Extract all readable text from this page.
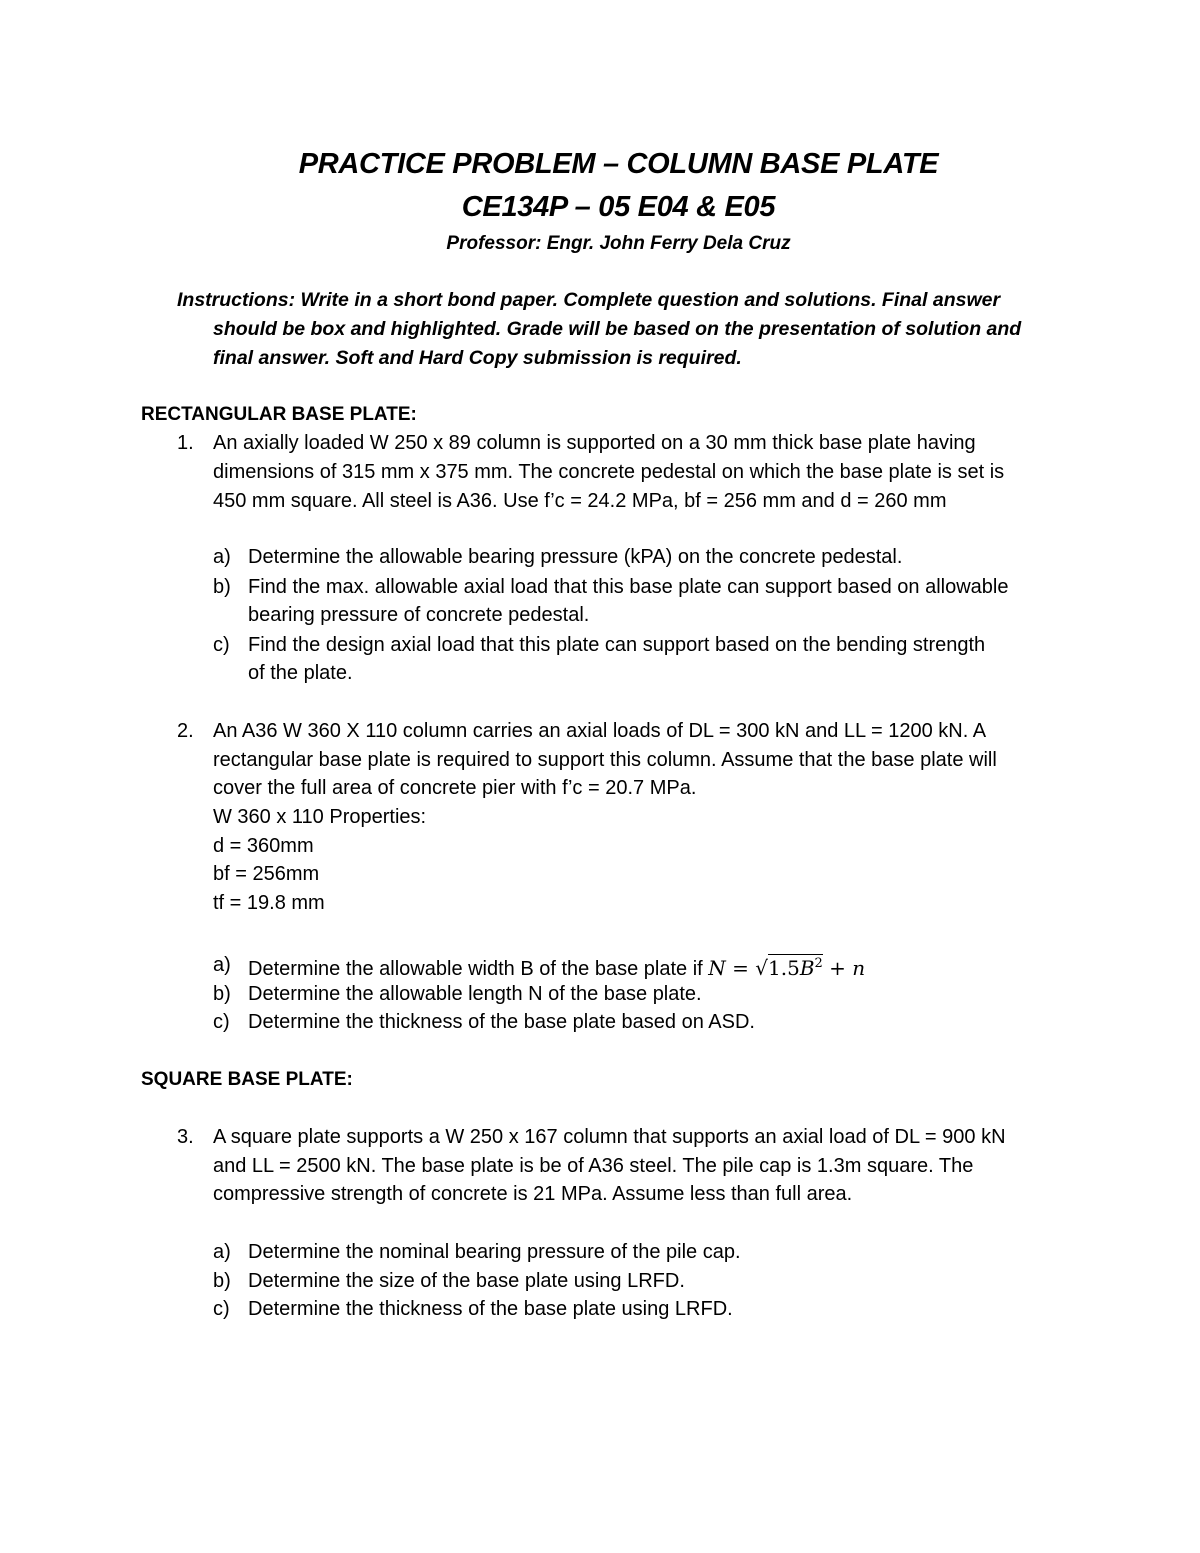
PRACTICE PROBLEM – COLUMN BASE PLATE
CE134P – 05 E04 & E05
Professor: Engr. John Ferry Dela Cruz
Instructions: Write in a short bond paper. Complete question and solutions. Final answer
should be box and highlighted. Grade will be based on the presentation of solution and
final answer. Soft and Hard Copy submission is required.
RECTANGULAR BASE PLATE:
1. An axially loaded W 250 x 89 column is supported on a 30 mm thick base plate having
dimensions of 315 mm x 375 mm. The concrete pedestal on which the base plate is set is
450 mm square. All steel is A36. Use f’c = 24.2 MPa, bf = 256 mm and d = 260 mm
a) Determine the allowable bearing pressure (kPA) on the concrete pedestal.
b) Find the max. allowable axial load that this base plate can support based on allowable
bearing pressure of concrete pedestal.
c) Find the design axial load that this plate can support based on the bending strength
of the plate.
2. An A36 W 360 X 110 column carries an axial loads of DL = 300 kN and LL = 1200 kN. A
rectangular base plate is required to support this column. Assume that the base plate will
cover the full area of concrete pier with f’c = 20.7 MPa.
W 360 x 110 Properties:
d = 360mm
bf = 256mm
tf = 19.8 mm
a) Determine the allowable width B of the base plate if $N = √1.5B^2 + n$
b) Determine the allowable length N of the base plate.
c) Determine the thickness of the base plate based on ASD.
SQUARE BASE PLATE:
3. A square plate supports a W 250 x 167 column that supports an axial load of DL = 900 kN
and LL = 2500 kN. The base plate is be of A36 steel. The pile cap is 1.3m square. The
compressive strength of concrete is 21 MPa. Assume less than full area.
a) Determine the nominal bearing pressure of the pile cap.
b) Determine the size of the base plate using LRFD.
c) Determine the thickness of the base plate using LRFD.
